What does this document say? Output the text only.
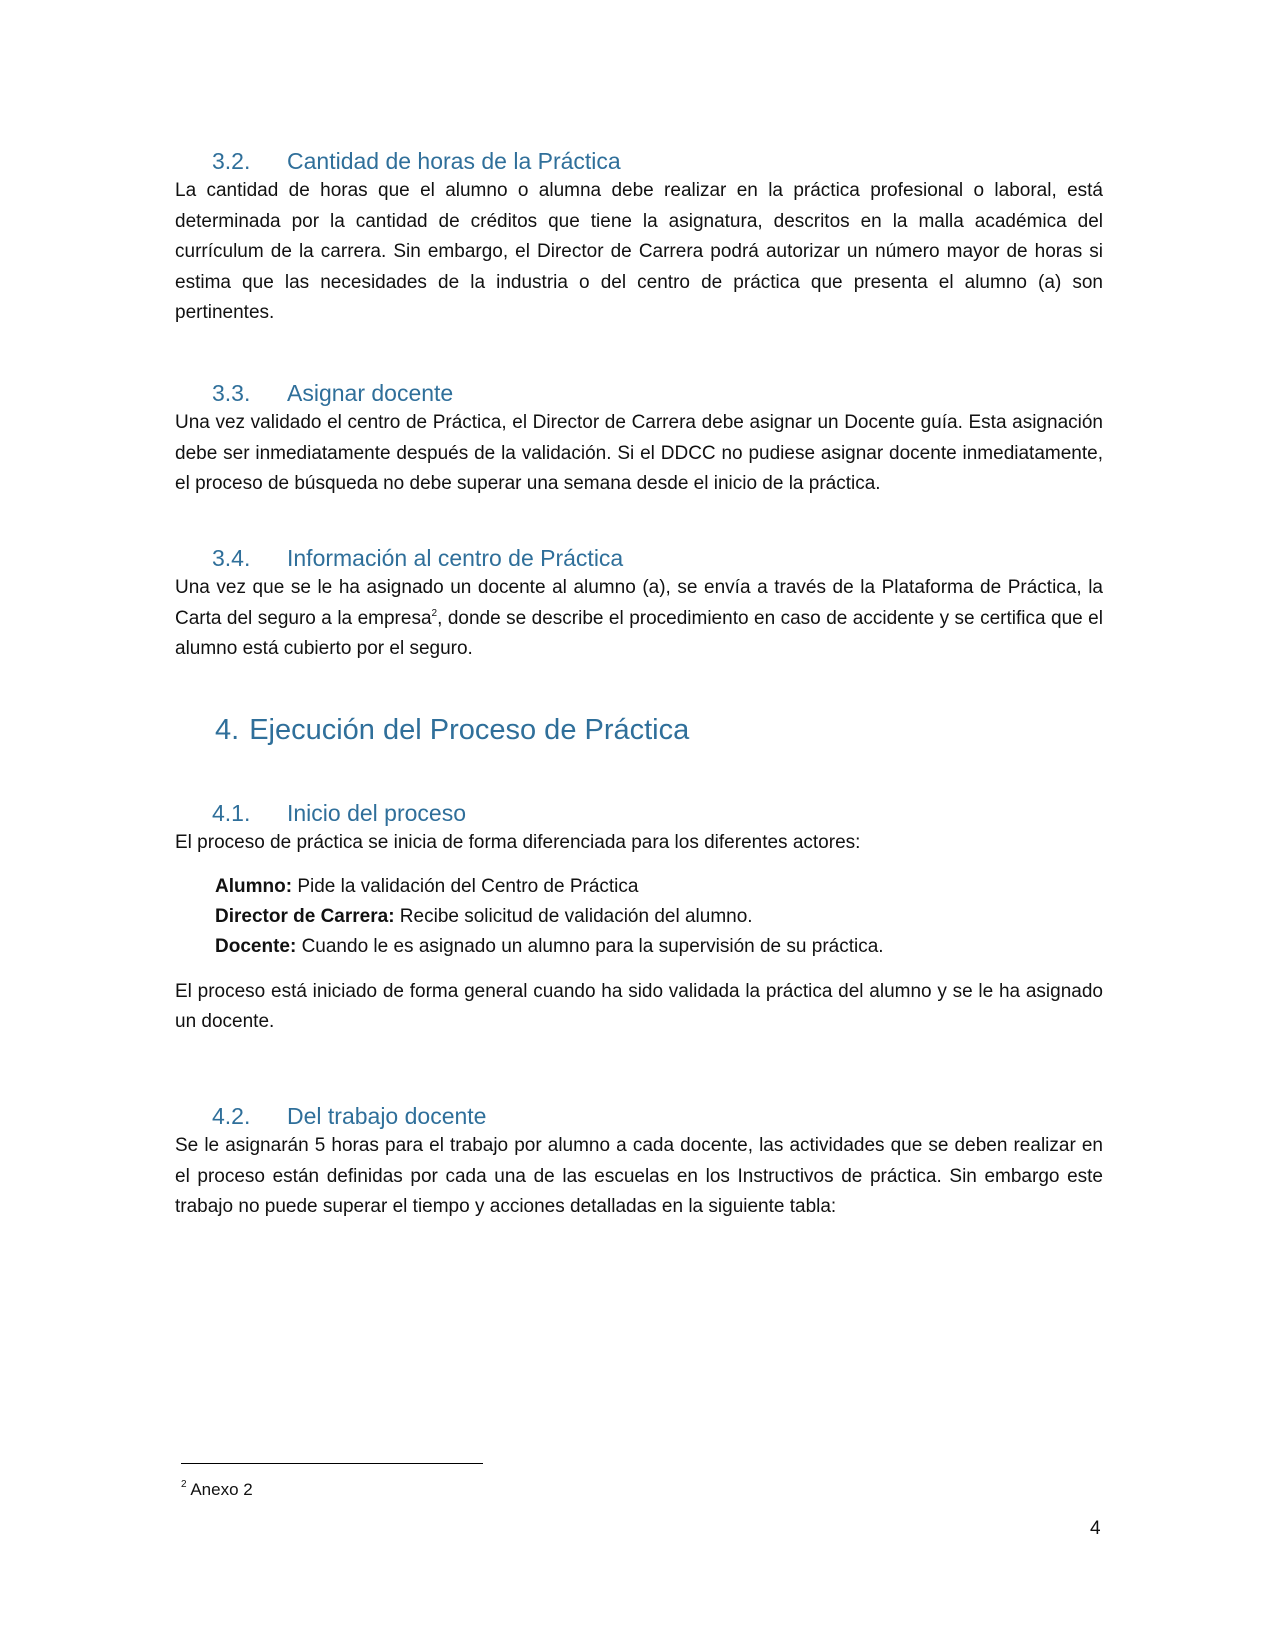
3.2. Cantidad de horas de la Práctica

La cantidad de horas que el alumno o alumna debe realizar en la práctica profesional o laboral, está determinada por la cantidad de créditos que tiene la asignatura, descritos en la malla académica del currículum de la carrera. Sin embargo, el Director de Carrera podrá autorizar un número mayor de horas si estima que las necesidades de la industria o del centro de práctica que presenta el alumno (a) son pertinentes.

3.3. Asignar docente

Una vez validado el centro de Práctica, el Director de Carrera debe asignar un Docente guía. Esta asignación debe ser inmediatamente después de la validación. Si el DDCC no pudiese asignar docente inmediatamente, el proceso de búsqueda no debe superar una semana desde el inicio de la práctica.

3.4. Información al centro de Práctica

Una vez que se le ha asignado un docente al alumno (a), se envía a través de la Plataforma de Práctica, la Carta del seguro a la empresa$^2$, donde se describe el procedimiento en caso de accidente y se certifica que el alumno está cubierto por el seguro.

4. Ejecución del Proceso de Práctica
4.1. Inicio del proceso

El proceso de práctica se inicia de forma diferenciada para los diferentes actores:

Alumno: Pide la validación del Centro de Práctica
Director de Carrera: Recibe solicitud de validación del alumno.
Docente: Cuando le es asignado un alumno para la supervisión de su práctica.

El proceso está iniciado de forma general cuando ha sido validada la práctica del alumno y se le ha asignado un docente.

4.2. Del trabajo docente

Se le asignarán 5 horas para el trabajo por alumno a cada docente, las actividades que se deben realizar en el proceso están definidas por cada una de las escuelas en los Instructivos de práctica. Sin embargo este trabajo no puede superar el tiempo y acciones detalladas en la siguiente tabla:

$^2$ Anexo 2
4
